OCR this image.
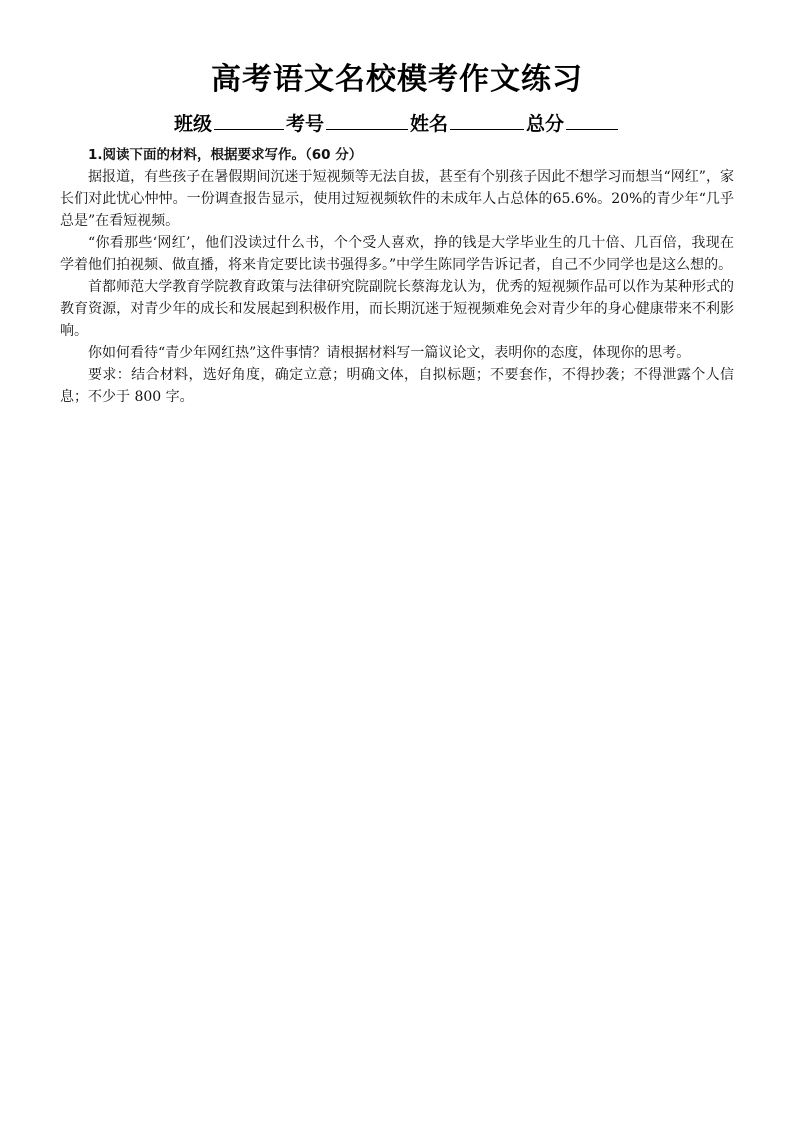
高考语文名校模考作文练习
班级	考号	姓名	总分

1.阅读下面的材料，根据要求写作。（60 分）

据报道，有些孩子在暑假期间沉迷于短视频等无法自拔，甚至有个别孩子因此不想学习而想当“网红”，家长们对此忧心忡忡。一份调查报告显示，使用过短视频软件的未成年人占总体的65.6%。20%的青少年“几乎总是”在看短视频。

“你看那些‘网红’，他们没读过什么书，个个受人喜欢，挣的钱是大学毕业生的几十倍、几百倍，我现在学着他们拍视频、做直播，将来肯定要比读书强得多。”中学生陈同学告诉记者，自己不少同学也是这么想的。

首都师范大学教育学院教育政策与法律研究院副院长蔡海龙认为，优秀的短视频作品可以作为某种形式的教育资源，对青少年的成长和发展起到积极作用，而长期沉迷于短视频难免会对青少年的身心健康带来不利影响。

你如何看待“青少年网红热”这件事情？请根据材料写一篇议论文，表明你的态度，体现你的思考。

要求：结合材料，选好角度，确定立意；明确文体，自拟标题；不要套作，不得抄袭；不得泄露个人信息；不少于 800 字。
